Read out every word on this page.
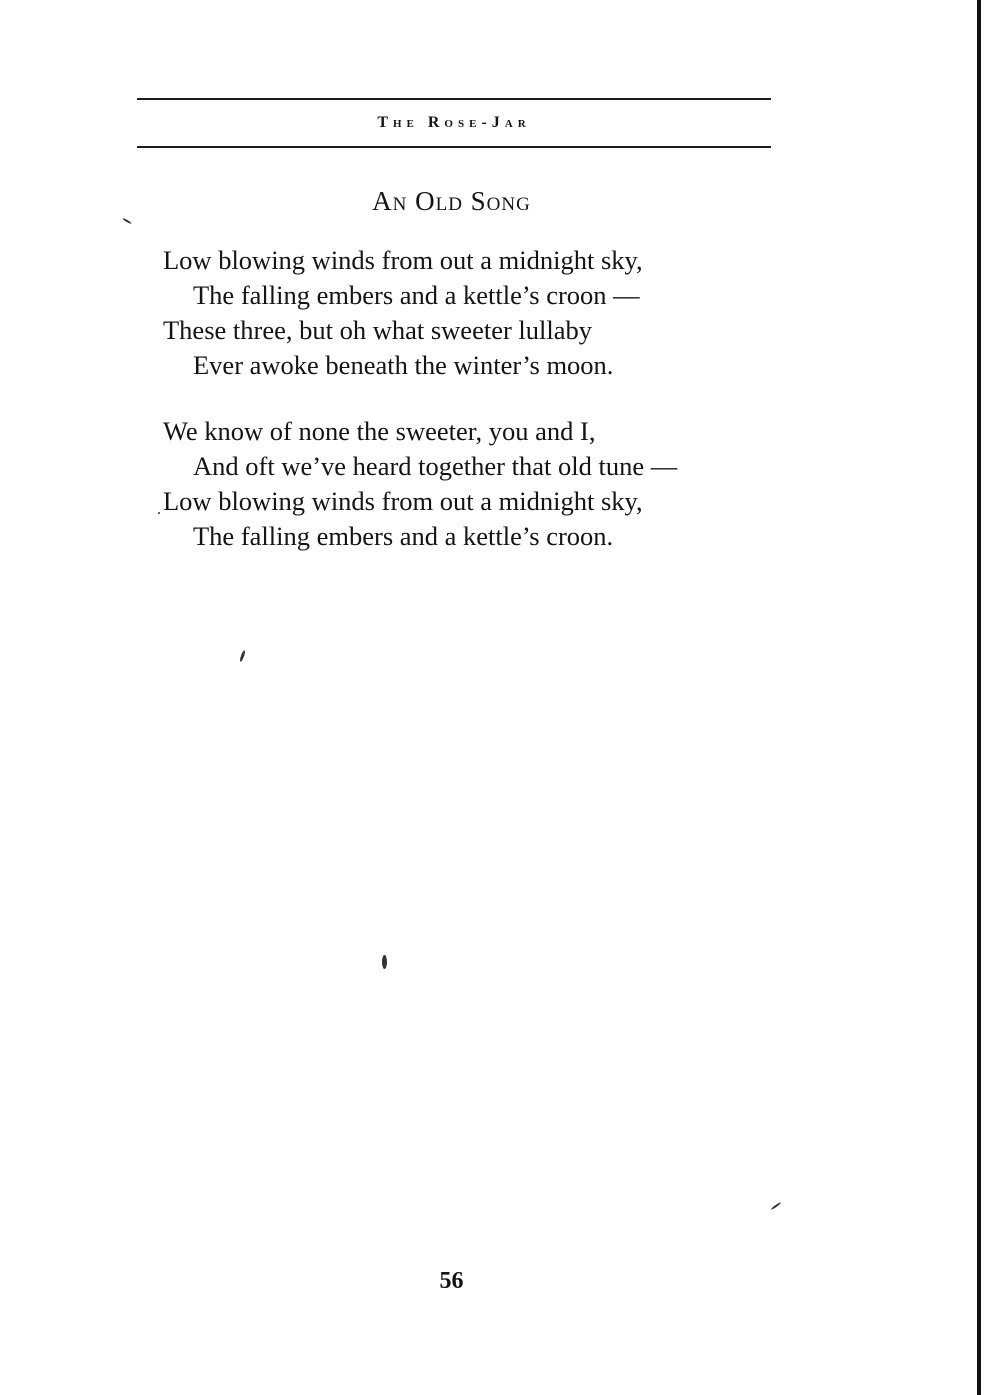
The Rose-Jar
An Old Song
Low blowing winds from out a midnight sky,
The falling embers and a kettle’s croon —
These three, but oh what sweeter lullaby
Ever awoke beneath the winter’s moon.
We know of none the sweeter, you and I,
And oft we’ve heard together that old tune —
Low blowing winds from out a midnight sky,
The falling embers and a kettle’s croon.
56
